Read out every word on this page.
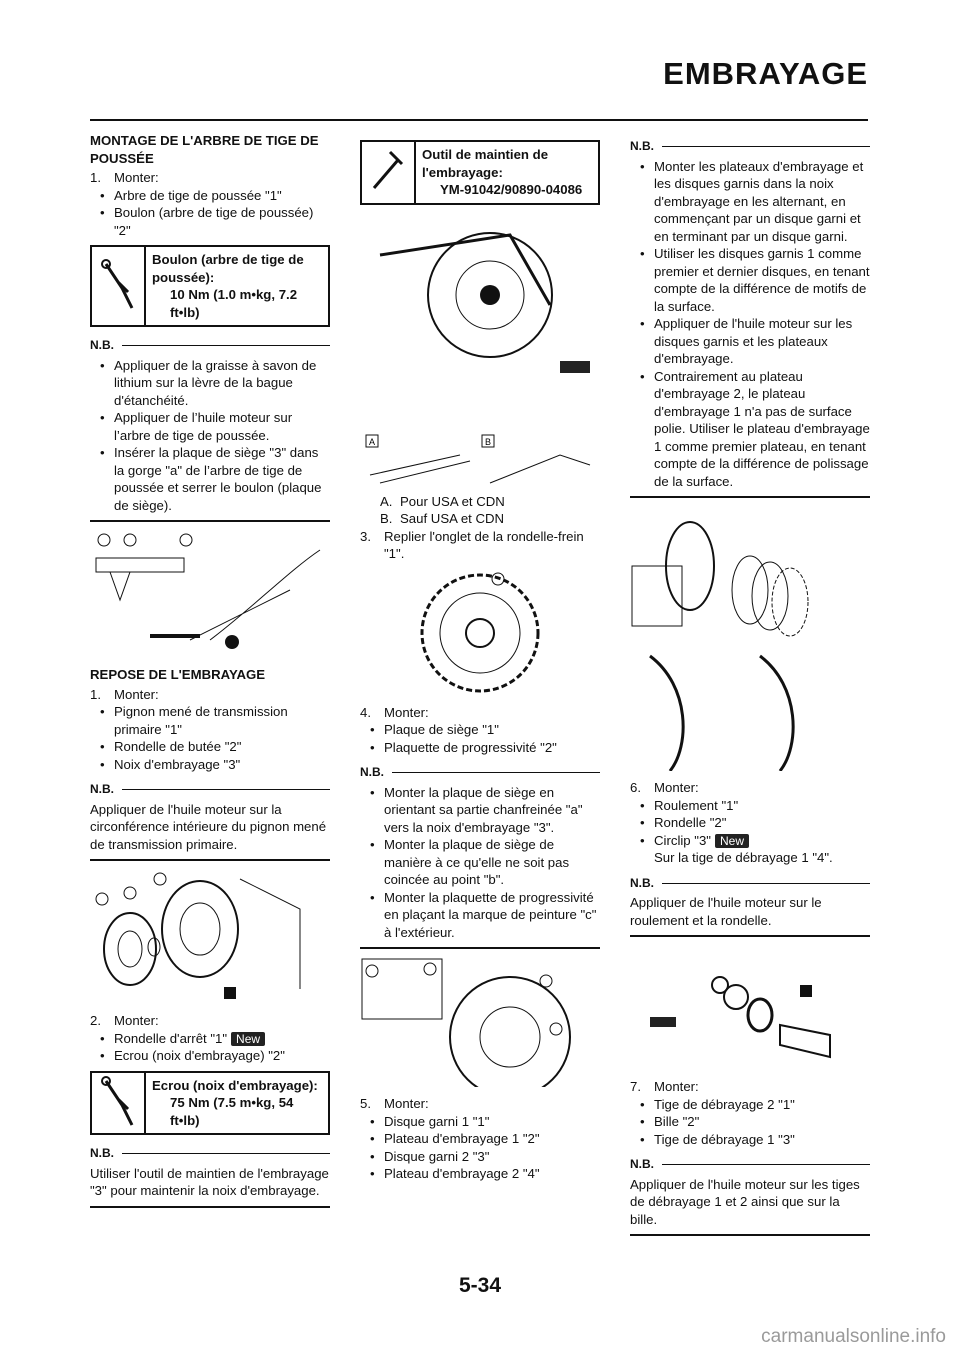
EMBRAYAGE
MONTAGE DE L'ARBRE DE TIGE DE POUSSÉE
1. Monter:
• Arbre de tige de poussée "1"
• Boulon (arbre de tige de poussée) "2"
Boulon (arbre de tige de poussée):
10 Nm (1.0 m•kg, 7.2 ft•lb)
N.B.
• Appliquer de la graisse à savon de lithium sur la lèvre de la bague d'étanchéité.
• Appliquer de l’huile moteur sur l’arbre de tige de poussée.
• Insérer la plaque de siège "3" dans la gorge "a" de l’arbre de tige de poussée et serrer le boulon (plaque de siège).
REPOSE DE L'EMBRAYAGE
1. Monter:
• Pignon mené de transmission primaire "1"
• Rondelle de butée "2"
• Noix d'embrayage "3"
N.B.
Appliquer de l'huile moteur sur la circonférence intérieure du pignon mené de transmission primaire.
2. Monter:
• Rondelle d'arrêt "1" New
• Ecrou (noix d'embrayage) "2"
Ecrou (noix d'embrayage):
75 Nm (7.5 m•kg, 54 ft•lb)
N.B.
Utiliser l'outil de maintien de l'embrayage "3" pour maintenir la noix d'embrayage.
Outil de maintien de l'embrayage:
YM-91042/90890-04086
A	B
A. Pour USA et CDN
B. Sauf USA et CDN
3. Replier l'onglet de la rondelle-frein "1".
4. Monter:
• Plaque de siège "1"
• Plaquette de progressivité "2"
N.B.
• Monter la plaque de siège en orientant sa partie chanfreinée "a" vers la noix d'embrayage "3".
• Monter la plaque de siège de manière à ce qu'elle ne soit pas coincée au point "b".
• Monter la plaquette de progressivité en plaçant la marque de peinture "c" à l'extérieur.
5. Monter:
• Disque garni 1 "1"
• Plateau d'embrayage 1 "2"
• Disque garni 2 "3"
• Plateau d'embrayage 2 "4"
N.B.
• Monter les plateaux d'embrayage et les disques garnis dans la noix d'embrayage en les alternant, en commençant par un disque garni et en terminant par un disque garni.
• Utiliser les disques garnis 1 comme premier et dernier disques, en tenant compte de la différence de motifs de la surface.
• Appliquer de l'huile moteur sur les disques garnis et les plateaux d'embrayage.
• Contrairement au plateau d'embrayage 2, le plateau d'embrayage 1 n'a pas de surface polie. Utiliser le plateau d'embrayage 1 comme premier plateau, en tenant compte de la différence de polissage de la surface.
6. Monter:
• Roulement "1"
• Rondelle "2"
• Circlip "3" New
Sur la tige de débrayage 1 "4".
N.B.
Appliquer de l'huile moteur sur le roulement et la rondelle.
7. Monter:
• Tige de débrayage 2 "1"
• Bille "2"
• Tige de débrayage 1 "3"
N.B.
Appliquer de l'huile moteur sur les tiges de débrayage 1 et 2 ainsi que sur la bille.
5-34
carmanualsonline.info
